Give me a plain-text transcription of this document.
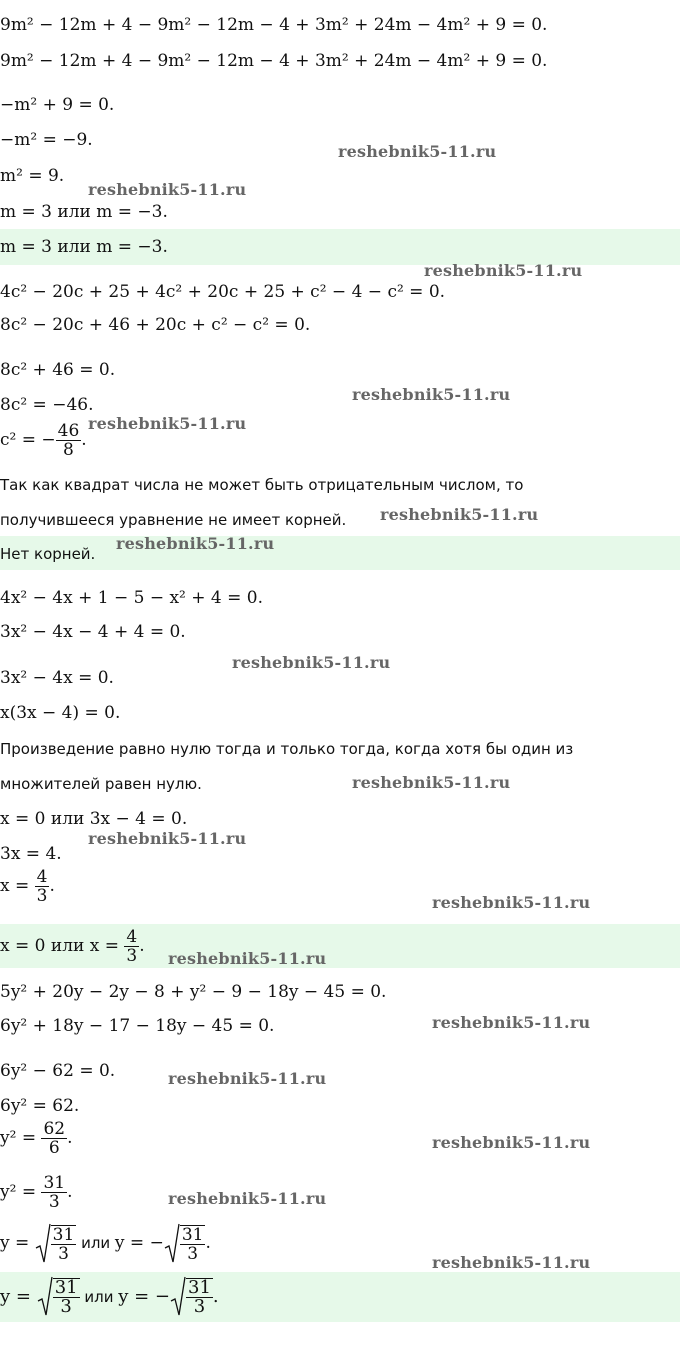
9m² − 12m + 4 − 9m² − 12m − 4 + 3m² + 24m − 4m² + 9 = 0.
9m² − 12m + 4 − 9m² − 12m − 4 + 3m² + 24m − 4m² + 9 = 0.
−m² + 9 = 0.
−m² = −9.
m² = 9.
m = 3 или m = −3.
m = 3 или m = −3.
4c² − 20c + 25 + 4c² + 20c + 25 + c² − 4 − c² = 0.
8c² − 20c + 46 + 20c + c² − c² = 0.
8c² + 46 = 0.
8c² = −46.
c² = − $\frac{46}{8}$ .
Так как квадрат числа не может быть отрицательным числом, то
получившееся уравнение не имеет корней.
Нет корней.
4x² − 4x + 1 − 5 − x² + 4 = 0.
3x² − 4x − 4 + 4 = 0.
3x² − 4x = 0.
x(3x − 4) = 0.
Произведение равно нулю тогда и только тогда, когда хотя бы один из
множителей равен нулю.
x = 0 или 3x − 4 = 0.
3x = 4.
$x = \frac{4}{3}$ .
x = 0 или $x = \frac{4}{3}$ .
5y² + 20y − 2y − 8 + y² − 9 − 18y − 45 = 0.
6y² + 18y − 17 − 18y − 45 = 0.
6y² − 62 = 0.
6y² = 62.
$y^2 = \frac{62}{6}$ .
$y^2 = \frac{31}{3}$ .
$y = \frac{31}{3}$ или y = − $\frac{31}{3}$ .
$y = \frac{31}{3}$ или y = − $\frac{31}{3}$ .
reshebnik5-11.ru
reshebnik5-11.ru
reshebnik5-11.ru
reshebnik5-11.ru
reshebnik5-11.ru
reshebnik5-11.ru
reshebnik5-11.ru
reshebnik5-11.ru
reshebnik5-11.ru
reshebnik5-11.ru
reshebnik5-11.ru
reshebnik5-11.ru
reshebnik5-11.ru
reshebnik5-11.ru
reshebnik5-11.ru
reshebnik5-11.ru
reshebnik5-11.ru
